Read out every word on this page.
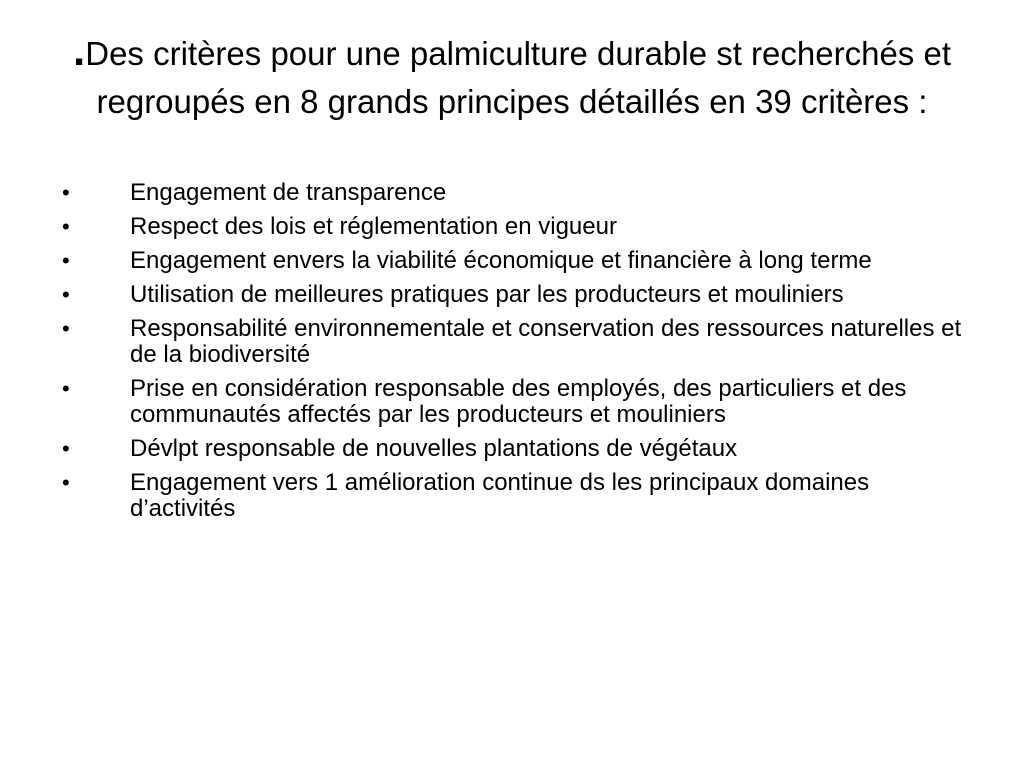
.Des critères pour une palmiculture durable st recherchés et regroupés en 8 grands principes détaillés en 39 critères :
•	Engagement de transparence
•	Respect des lois et réglementation en vigueur
•	Engagement envers la viabilité économique et financière à long terme
•	Utilisation de meilleures pratiques par les producteurs et mouliniers
•	Responsabilité environnementale et conservation des ressources naturelles et de la biodiversité
•	Prise en considération responsable des employés, des particuliers et des communautés affectés par les producteurs et mouliniers
•	Dévlpt responsable de nouvelles plantations de végétaux
•	Engagement vers 1 amélioration continue ds les principaux domaines d’activités
